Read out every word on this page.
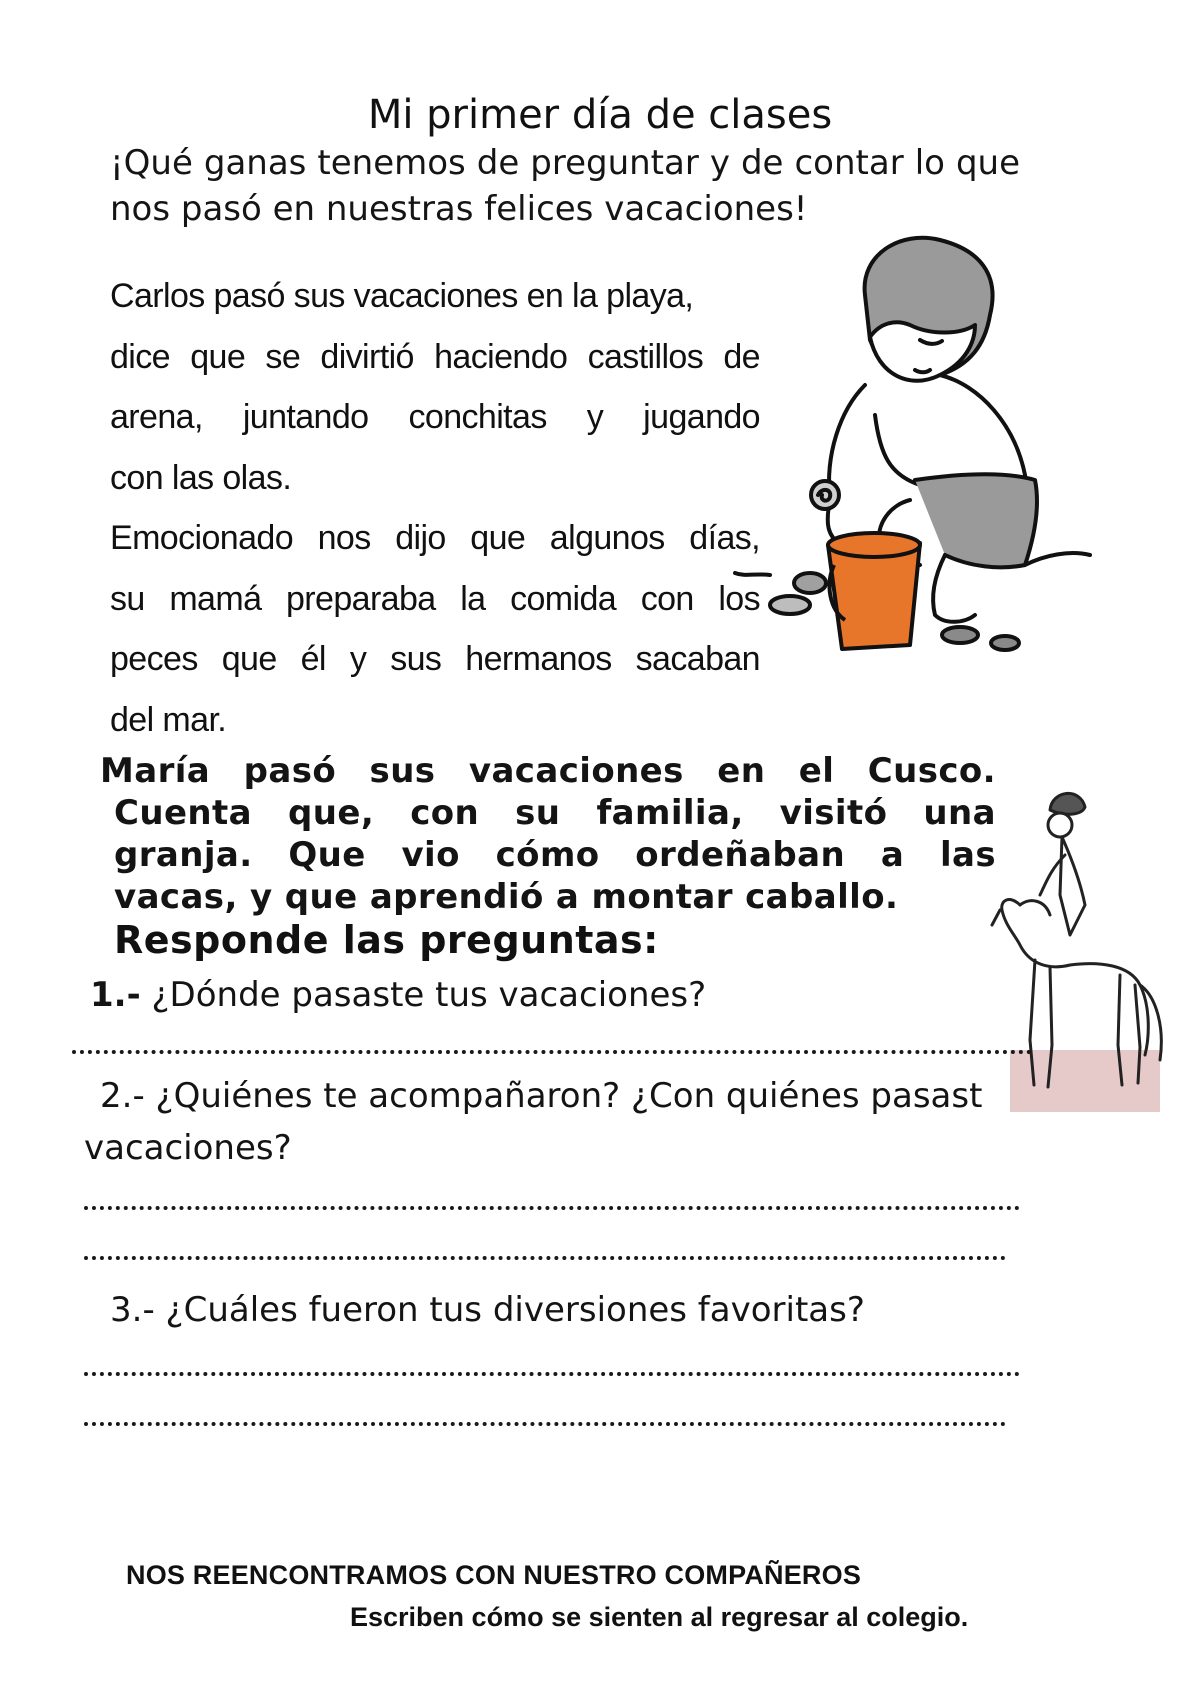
Mi primer día de clases
¡Qué ganas tenemos de preguntar y de contar lo que
nos pasó en nuestras felices vacaciones!
Carlos pasó sus vacaciones en la playa,
dice que se divirtió haciendo castillos de
arena, juntando conchitas y jugando
con las olas.
Emocionado nos dijo que algunos días,
su mamá preparaba la comida con los
peces que él y sus hermanos sacaban
del mar.
María pasó sus vacaciones en el Cusco.
Cuenta que, con su familia, visitó una
granja. Que vio cómo ordeñaban a las
vacas, y que aprendió a montar caballo.
Responde las preguntas:
1.- ¿Dónde pasaste tus vacaciones?
2.- ¿Quiénes te acompañaron? ¿Con quiénes pasast
vacaciones?
3.- ¿Cuáles fueron tus diversiones favoritas?
NOS REENCONTRAMOS CON NUESTRO COMPAÑEROS
Escriben cómo se sienten al regresar al colegio.
